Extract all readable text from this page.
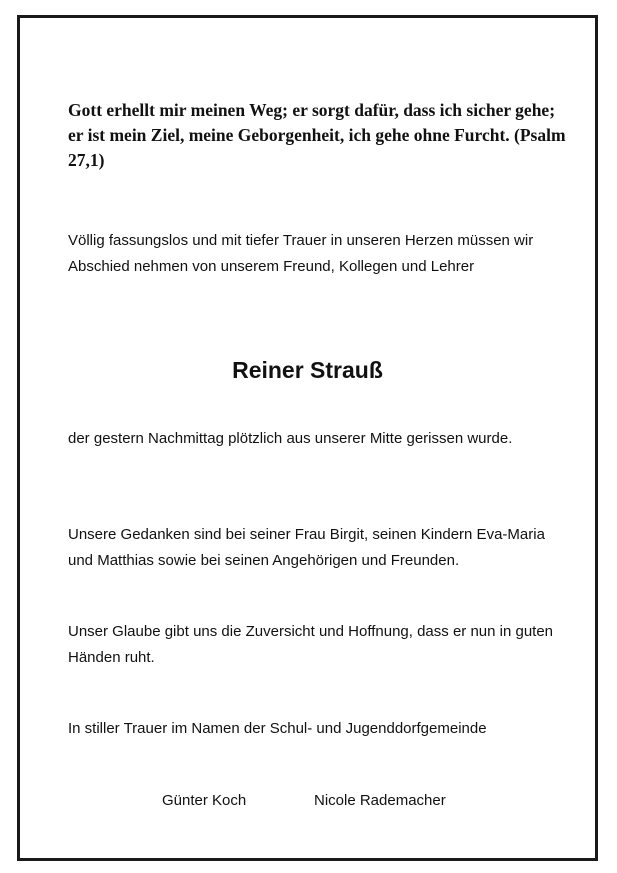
Gott erhellt mir meinen Weg; er sorgt dafür, dass ich sicher gehe; er ist mein Ziel, meine Geborgenheit, ich gehe ohne Furcht. (Psalm 27,1)

Völlig fassungslos und mit tiefer Trauer in unseren Herzen müssen wir Abschied nehmen von unserem Freund, Kollegen und Lehrer

Reiner Strauß

der gestern Nachmittag plötzlich aus unserer Mitte gerissen wurde.

Unsere Gedanken sind bei seiner Frau Birgit, seinen Kindern Eva-Maria und Matthias sowie bei seinen Angehörigen und Freunden.

Unser Glaube gibt uns die Zuversicht und Hoffnung, dass er nun in guten Händen ruht.

In stiller Trauer im Namen der Schul- und Jugenddorfgemeinde

Günter Koch	Nicole Rademacher
